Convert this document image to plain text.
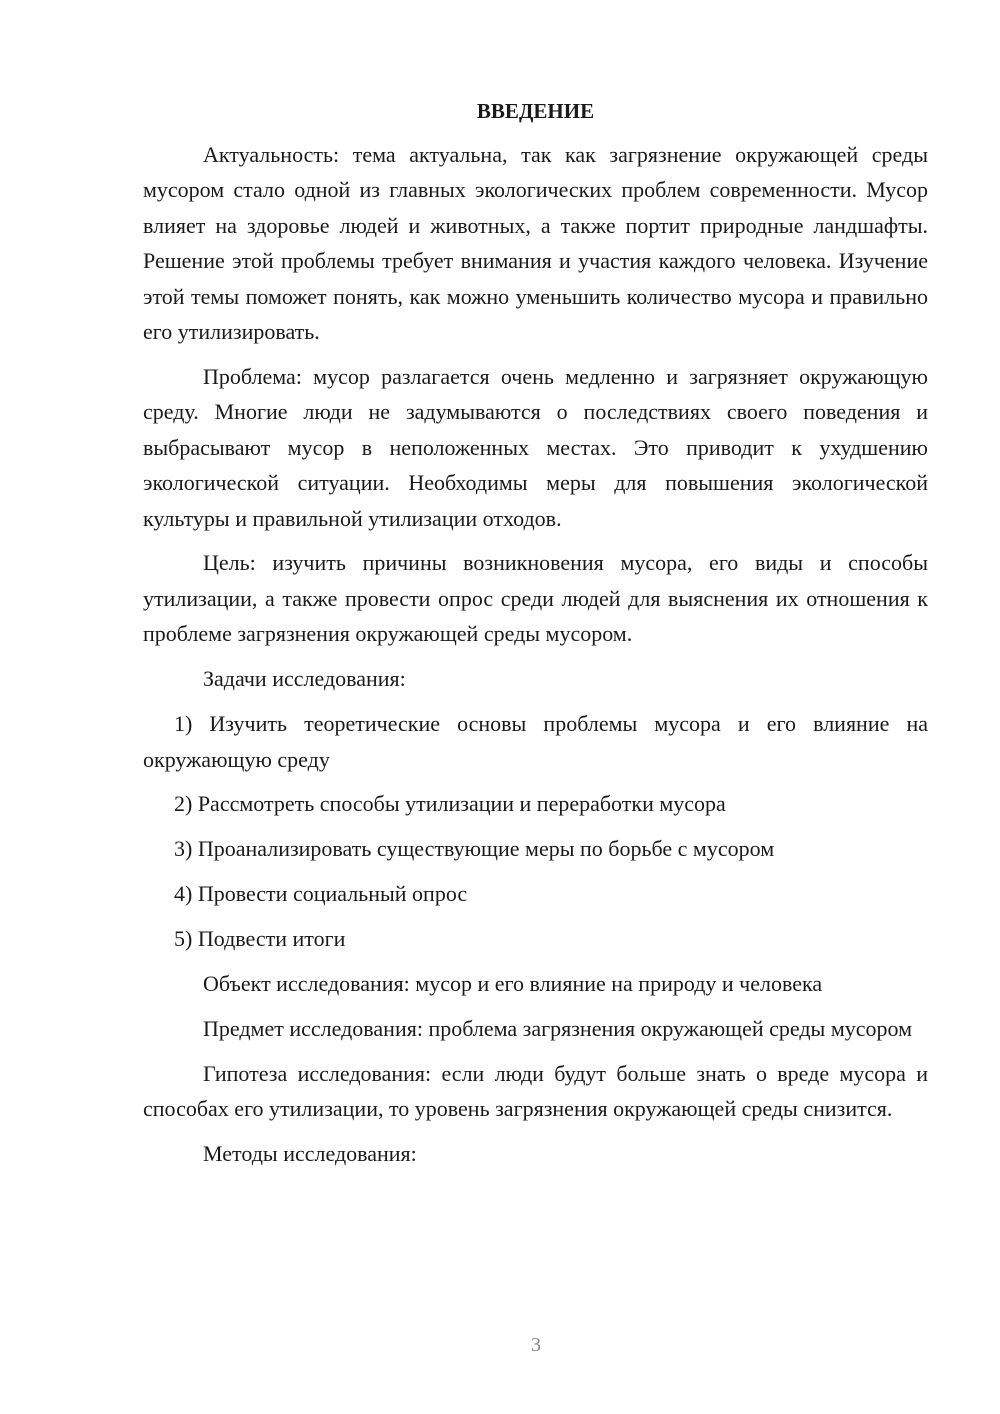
ВВЕДЕНИЕ

Актуальность: тема актуальна, так как загрязнение окружающей среды мусором стало одной из главных экологических проблем современности. Мусор влияет на здоровье людей и животных, а также портит природные ландшафты. Решение этой проблемы требует внимания и участия каждого человека. Изучение этой темы поможет понять, как можно уменьшить количество мусора и правильно его утилизировать.

Проблема: мусор разлагается очень медленно и загрязняет окружающую среду. Многие люди не задумываются о последствиях своего поведения и выбрасывают мусор в неположенных местах. Это приводит к ухудшению экологической ситуации. Необходимы меры для повышения экологической культуры и правильной утилизации отходов.

Цель: изучить причины возникновения мусора, его виды и способы утилизации, а также провести опрос среди людей для выяснения их отношения к проблеме загрязнения окружающей среды мусором.

Задачи исследования:

1) Изучить теоретические основы проблемы мусора и его влияние на окружающую среду

2) Рассмотреть способы утилизации и переработки мусора

3) Проанализировать существующие меры по борьбе с мусором

4) Провести социальный опрос

5) Подвести итоги

Объект исследования: мусор и его влияние на природу и человека

Предмет исследования: проблема загрязнения окружающей среды мусором

Гипотеза исследования: если люди будут больше знать о вреде мусора и способах его утилизации, то уровень загрязнения окружающей среды снизится.

Методы исследования:

3
